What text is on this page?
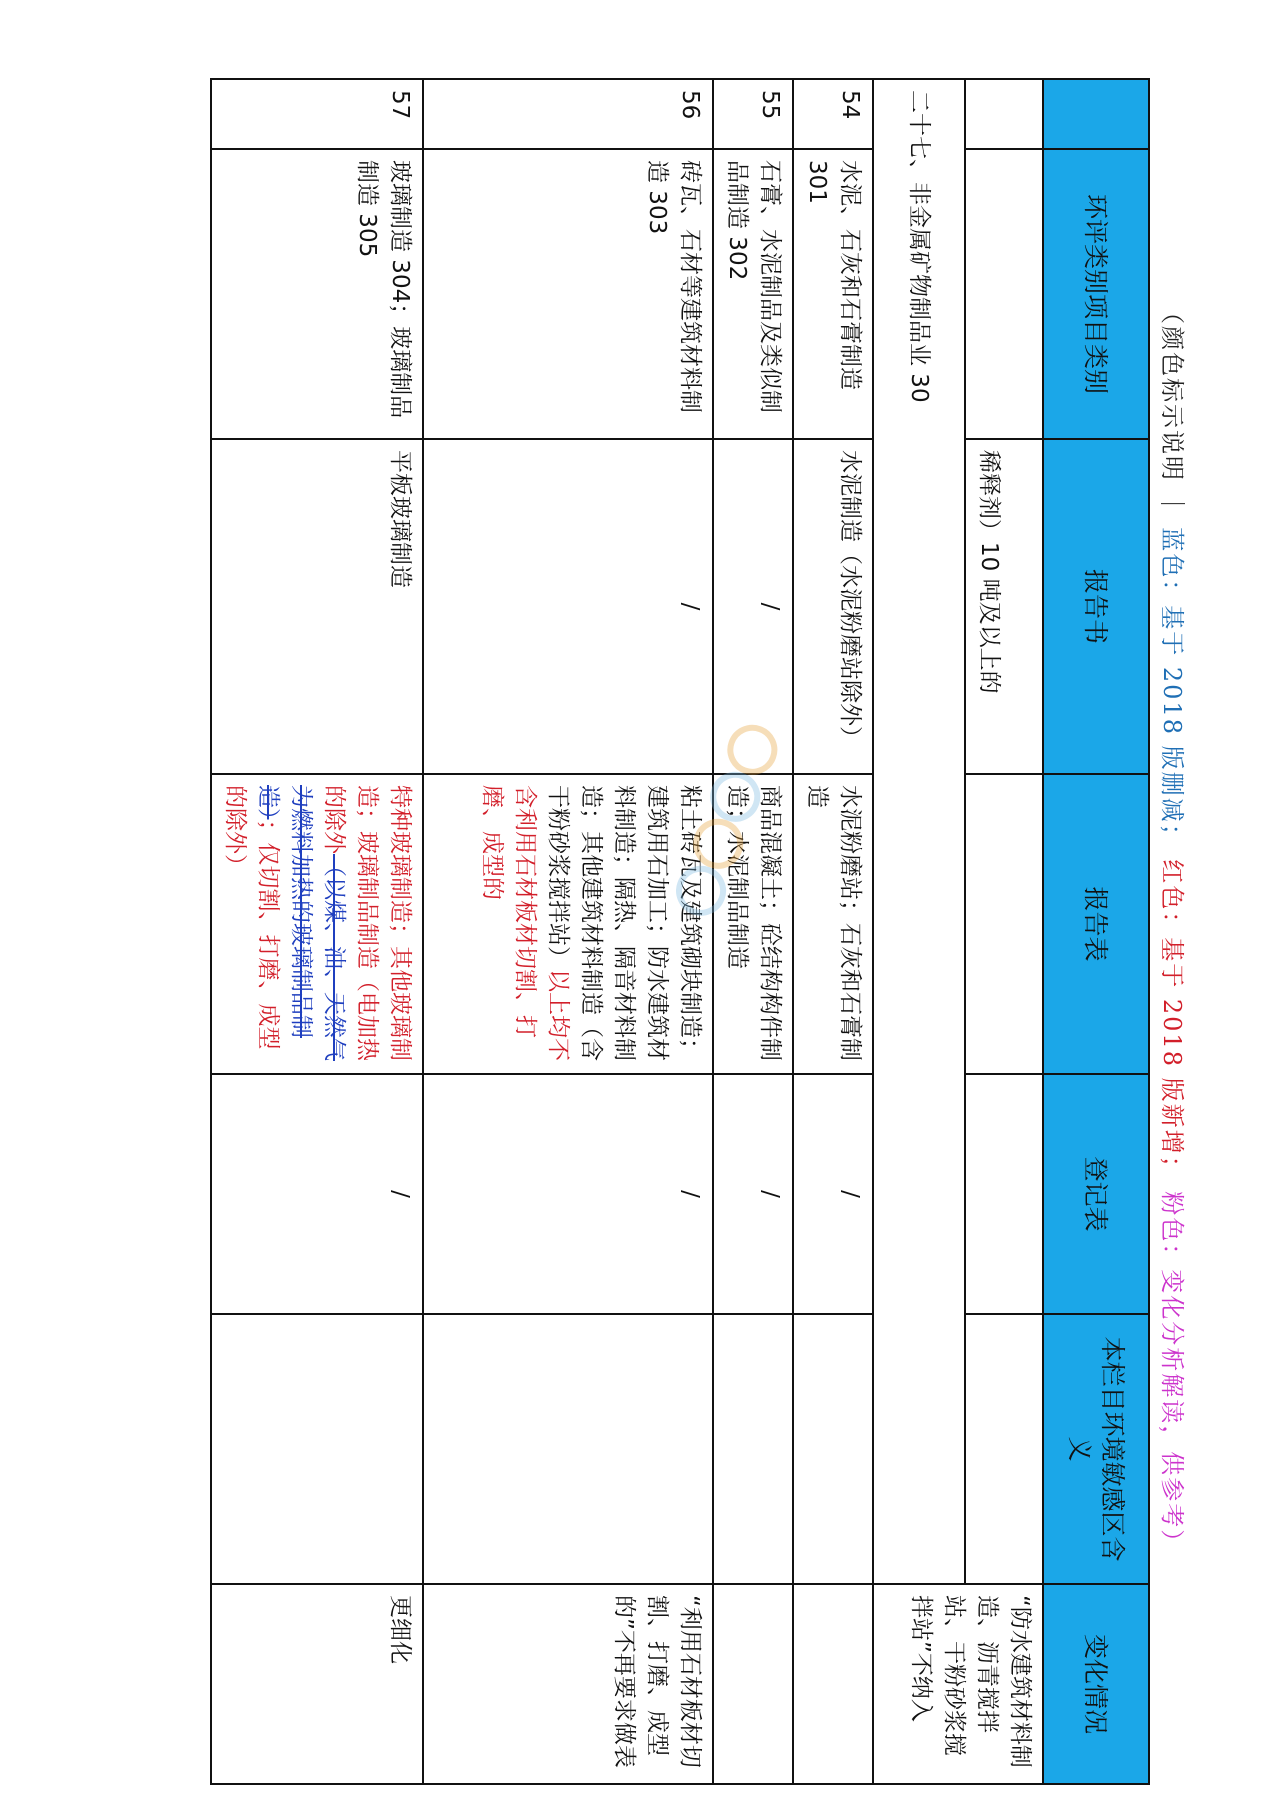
（颜色标示说明 ｜ 蓝色：基于 2018 版删减； 红色：基于 2018 版新增； 粉色：变化分析解读，供参考）
	环评类别项目类别	报告书	报告表	登记表	本栏目环境敏感区含义	变化情况
		稀释剂）10 吨及以上的				“防水建筑材料制造、沥青搅拌站、干粉砂浆搅拌站”不纳入
二十七、非金属矿物制品业 30						
54	水泥、石灰和石膏制造 301	水泥制造（水泥粉磨站除外）	水泥粉磨站；石灰和石膏制造	/		
55	石膏、水泥制品及类似制品制造 302	/	商品混凝土；砼结构构件制造；水泥制品制造	/		
56	砖瓦、石材等建筑材料制造 303	/	粘土砖瓦及建筑砌块制造；建筑用石加工；防水建筑材料制造；隔热、隔音材料制造；其他建筑材料制造（含干粉砂浆搅拌站）以上均不含利用石材板材切割、打磨、成型的	/		“利用石材板材切割、打磨、成型的”不再要求做表
57	玻璃制造 304；玻璃制品制造 305	平板玻璃制造	特种玻璃制造；其他玻璃制造；玻璃制品制造（电加热的除外（以煤、油、天然气为燃料加热的玻璃制品制造）；仅切割、打磨、成型的除外）	/		更细化
